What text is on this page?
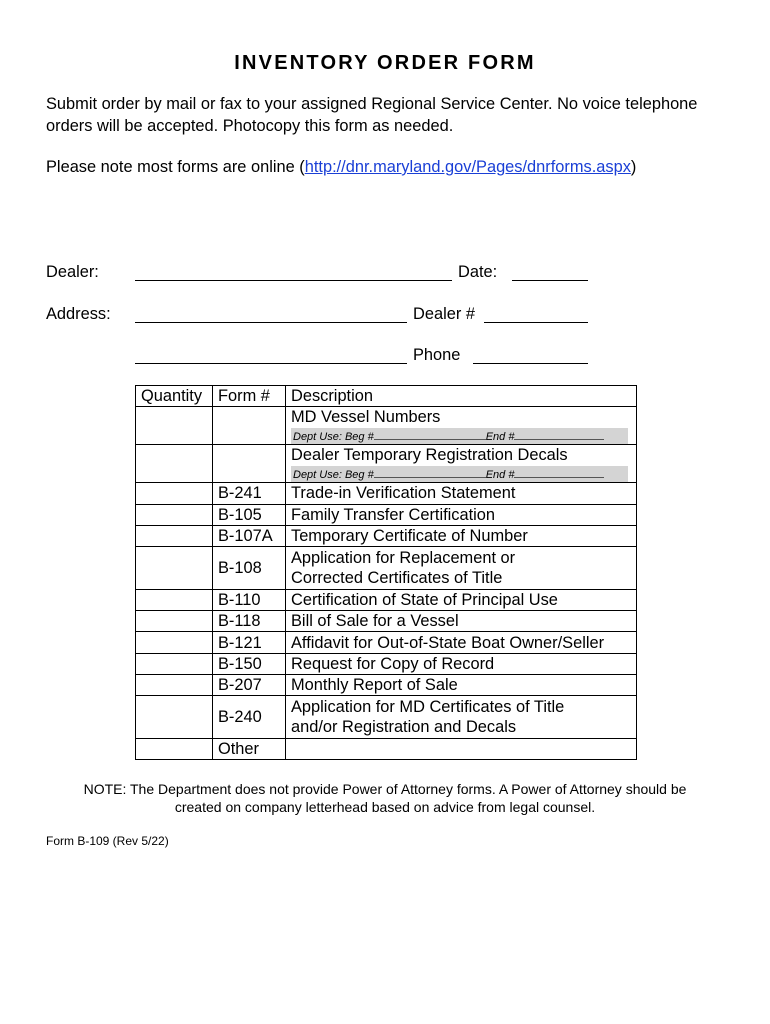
INVENTORY ORDER FORM
Submit order by mail or fax to your assigned Regional Service Center. No voice telephone orders will be accepted. Photocopy this form as needed.
Please note most forms are online (http://dnr.maryland.gov/Pages/dnrforms.aspx)
Dealer:	Date:
Address:	Dealer #
Phone
Quantity	Form #	Description

		MD Vessel Numbers
Dept Use: Beg # End #

		Dealer Temporary Registration Decals
Dept Use: Beg # End #

	B-241	Trade-in Verification Statement
	B-105	Family Transfer Certification
	B-107A	Temporary Certificate of Number
	B-108	Application for Replacement or
Corrected Certificates of Title

	B-110	Certification of State of Principal Use
	B-118	Bill of Sale for a Vessel
	B-121	Affidavit for Out-of-State Boat Owner/Seller
	B-150	Request for Copy of Record
	B-207	Monthly Report of Sale
	B-240	Application for MD Certificates of Title
and/or Registration and Decals

	Other	
NOTE: The Department does not provide Power of Attorney forms. A Power of Attorney should be
created on company letterhead based on advice from legal counsel.
Form B-109 (Rev 5/22)
